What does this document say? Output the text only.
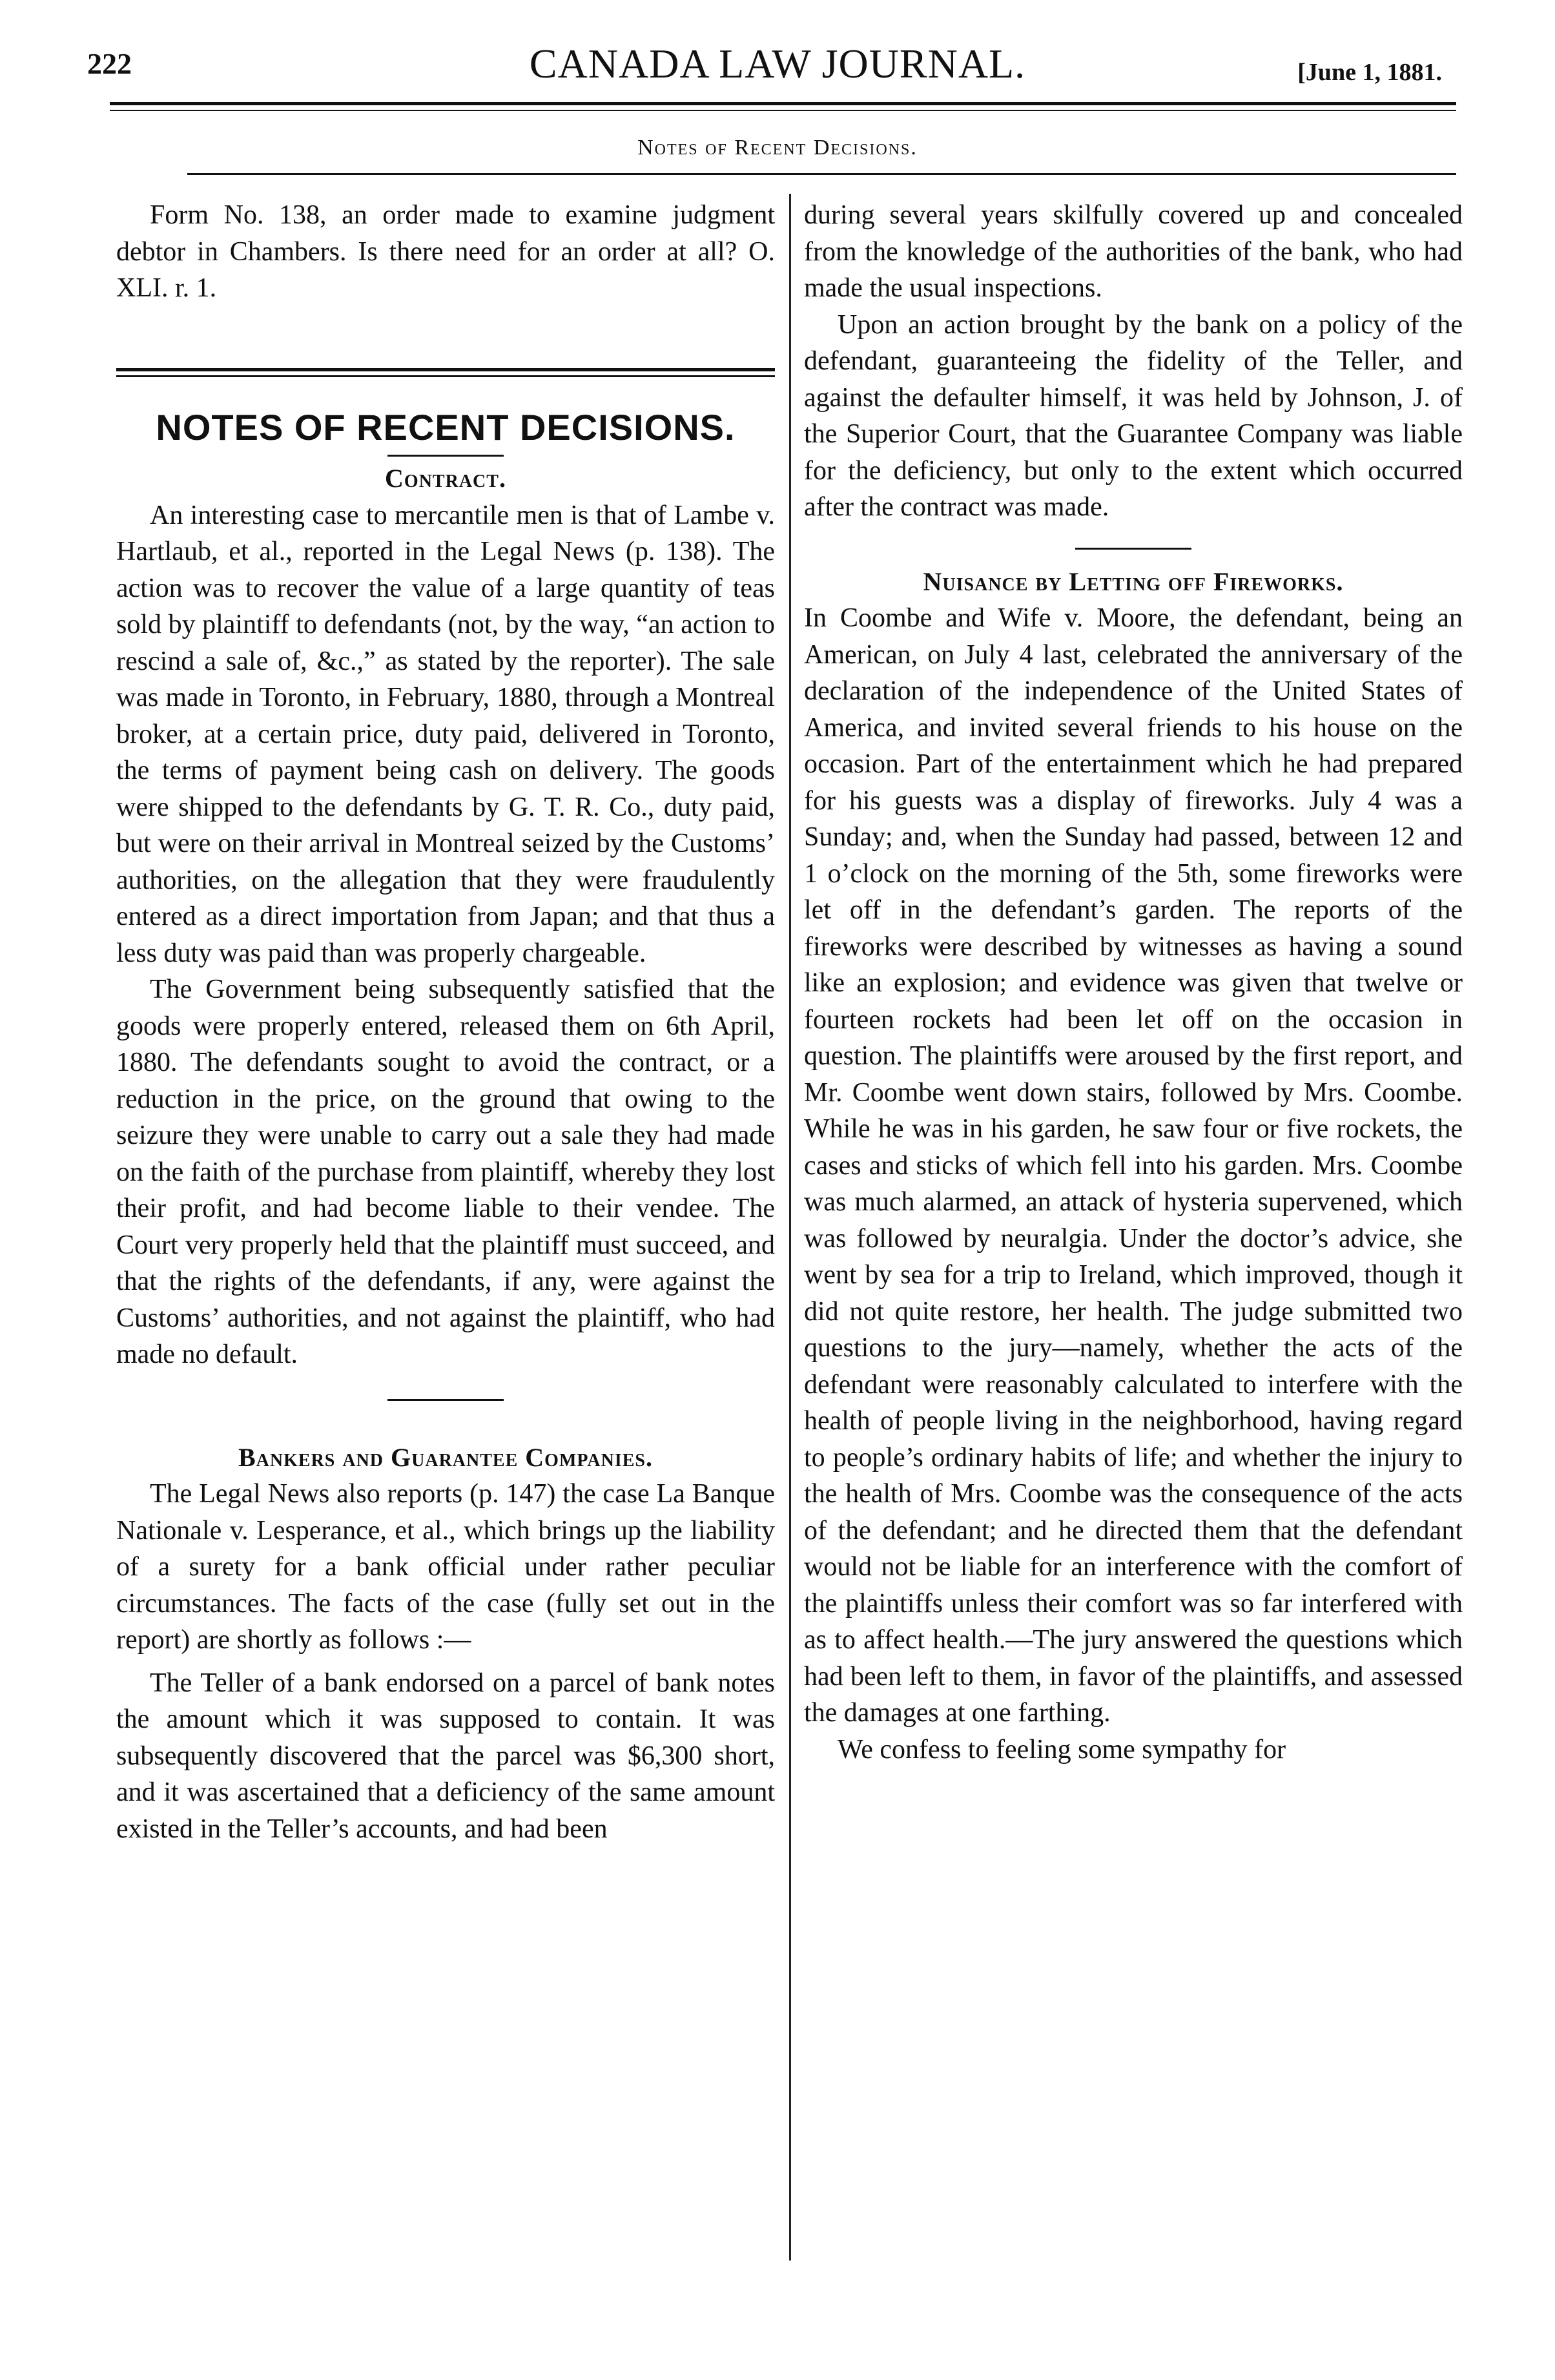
222	CANADA LAW JOURNAL.	[June 1, 1881.
Notes of Recent Decisions.

Form No. 138, an order made to examine judgment debtor in Chambers. Is there need for an order at all? O. XLI. r. 1.

NOTES OF RECENT DECISIONS.
Contract.

An interesting case to mercantile men is that of Lambe v. Hartlaub, et al., reported in the Legal News (p. 138). The action was to recover the value of a large quantity of teas sold by plaintiff to defendants (not, by the way, “an action to rescind a sale of, &c.,” as stated by the reporter). The sale was made in Toronto, in February, 1880, through a Montreal broker, at a certain price, duty paid, delivered in Toronto, the terms of payment being cash on delivery. The goods were shipped to the defendants by G. T. R. Co., duty paid, but were on their arrival in Montreal seized by the Customs’ authorities, on the allegation that they were fraudulently entered as a direct importation from Japan; and that thus a less duty was paid than was properly chargeable.

The Government being subsequently satisfied that the goods were properly entered, released them on 6th April, 1880. The defendants sought to avoid the contract, or a reduction in the price, on the ground that owing to the seizure they were unable to carry out a sale they had made on the faith of the purchase from plaintiff, whereby they lost their profit, and had become liable to their vendee. The Court very properly held that the plaintiff must succeed, and that the rights of the defendants, if any, were against the Customs’ authorities, and not against the plaintiff, who had made no default.

Bankers and Guarantee Companies.

The Legal News also reports (p. 147) the case La Banque Nationale v. Lesperance, et al., which brings up the liability of a surety for a bank official under rather peculiar circumstances. The facts of the case (fully set out in the report) are shortly as follows :—

The Teller of a bank endorsed on a parcel of bank notes the amount which it was supposed to contain. It was subsequently discovered that the parcel was $6,300 short, and it was ascertained that a deficiency of the same amount existed in the Teller’s accounts, and had been

during several years skilfully covered up and concealed from the knowledge of the authorities of the bank, who had made the usual inspections.

Upon an action brought by the bank on a policy of the defendant, guaranteeing the fidelity of the Teller, and against the defaulter himself, it was held by Johnson, J. of the Superior Court, that the Guarantee Company was liable for the deficiency, but only to the extent which occurred after the contract was made.

Nuisance by Letting off Fireworks.

In Coombe and Wife v. Moore, the defendant, being an American, on July 4 last, celebrated the anniversary of the declaration of the independence of the United States of America, and invited several friends to his house on the occasion. Part of the entertainment which he had prepared for his guests was a display of fireworks. July 4 was a Sunday; and, when the Sunday had passed, between 12 and 1 o’clock on the morning of the 5th, some fireworks were let off in the defendant’s garden. The reports of the fireworks were described by witnesses as having a sound like an explosion; and evidence was given that twelve or fourteen rockets had been let off on the occasion in question. The plaintiffs were aroused by the first report, and Mr. Coombe went down stairs, followed by Mrs. Coombe. While he was in his garden, he saw four or five rockets, the cases and sticks of which fell into his garden. Mrs. Coombe was much alarmed, an attack of hysteria supervened, which was followed by neuralgia. Under the doctor’s advice, she went by sea for a trip to Ireland, which improved, though it did not quite restore, her health. The judge submitted two questions to the jury—namely, whether the acts of the defendant were reasonably calculated to interfere with the health of people living in the neighborhood, having regard to people’s ordinary habits of life; and whether the injury to the health of Mrs. Coombe was the consequence of the acts of the defendant; and he directed them that the defendant would not be liable for an interference with the comfort of the plaintiffs unless their comfort was so far interfered with as to affect health.—The jury answered the questions which had been left to them, in favor of the plaintiffs, and assessed the damages at one farthing.

We confess to feeling some sympathy for
